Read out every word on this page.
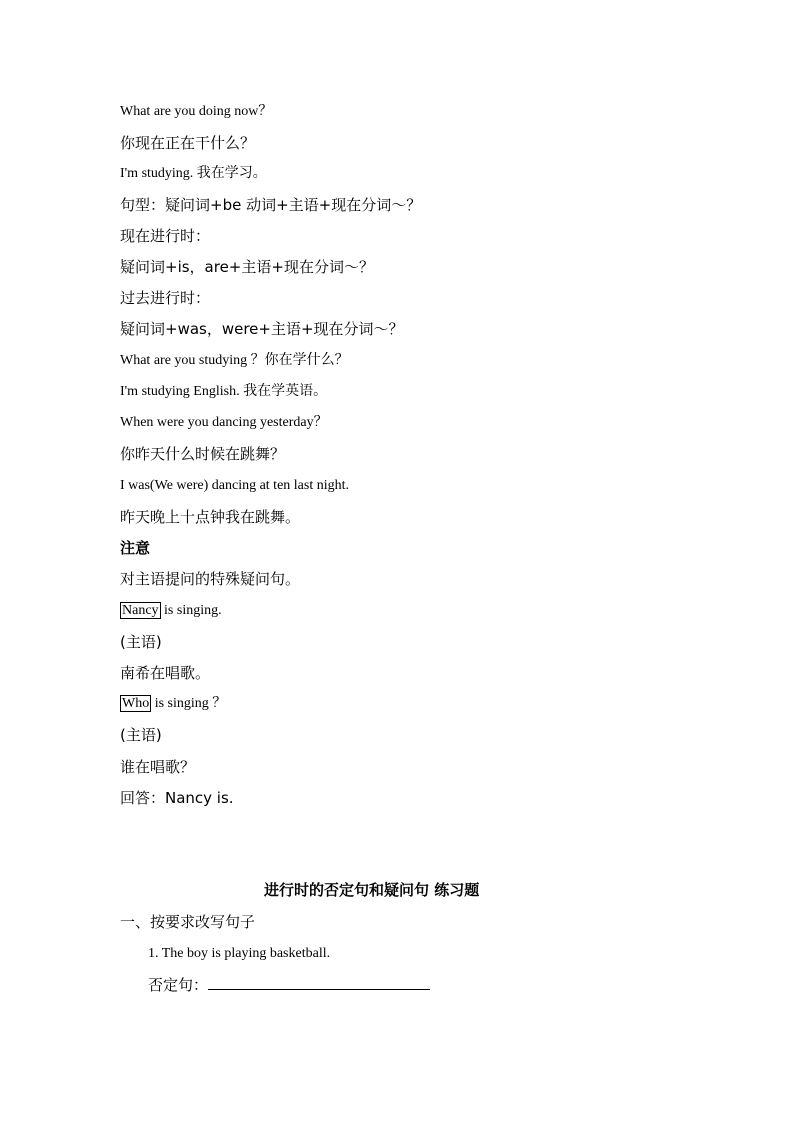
What are you doing now？

你现在正在干什么？

I'm studying. 我在学习。

句型：疑问词+be 动词+主语+现在分词～？

现在进行时：

疑问词+is，are+主语+现在分词～？

过去进行时：

疑问词+was，were+主语+现在分词～？

What are you studying ？你在学什么？

I'm studying English. 我在学英语。

When were you dancing yesterday？

你昨天什么时候在跳舞？

I was(We were) dancing at ten last night.

昨天晚上十点钟我在跳舞。

注意

对主语提问的特殊疑问句。

Nancy is singing.

(主语)

南希在唱歌。

Who is singing ？

(主语)

谁在唱歌？

回答：Nancy is.

进行时的否定句和疑问句 练习题

一、按要求改写句子

1. The boy is playing basketball.

否定句：
